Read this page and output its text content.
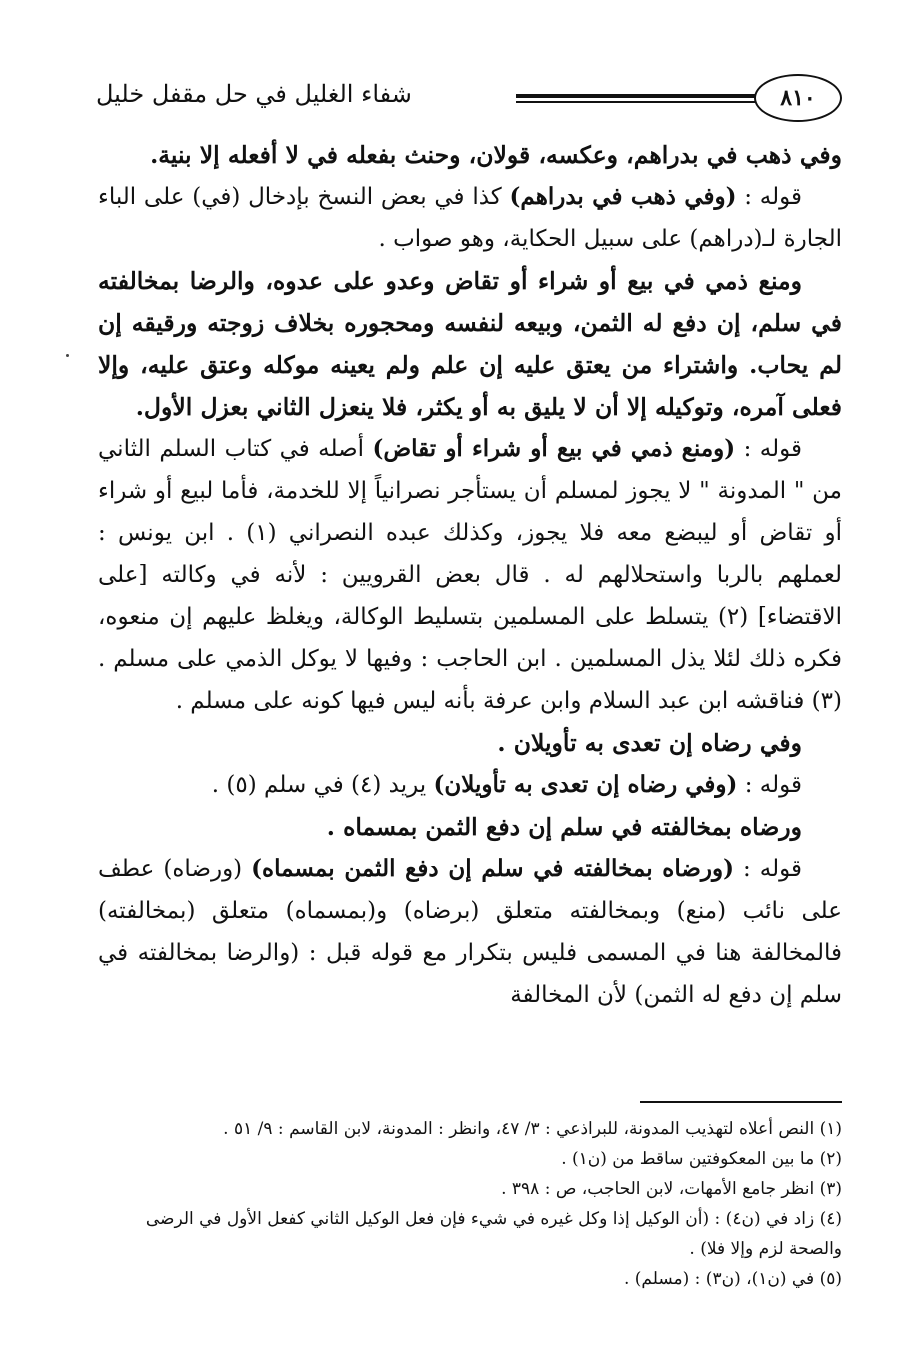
٨١٠
شفاء الغليل في حل مقفل خليل

وفي ذهب في بدراهم، وعكسه، قولان، وحنث بفعله في لا أفعله إلا بنية.

قوله : (وفي ذهب في بدراهم) كذا في بعض النسخ بإدخال (في) على الباء الجارة لـ(دراهم) على سبيل الحكاية، وهو صواب .

ومنع ذمي في بيع أو شراء أو تقاض وعدو على عدوه، والرضا بمخالفته في سلم، إن دفع له الثمن، وبيعه لنفسه ومحجوره بخلاف زوجته ورقيقه إن لم يحاب. واشتراء من يعتق عليه إن علم ولم يعينه موكله وعتق عليه، وإلا فعلى آمره، وتوكيله إلا أن لا يليق به أو يكثر، فلا ينعزل الثاني بعزل الأول.

قوله : (ومنع ذمي في بيع أو شراء أو تقاض) أصله في كتاب السلم الثاني من " المدونة " لا يجوز لمسلم أن يستأجر نصرانياً إلا للخدمة، فأما لبيع أو شراء أو تقاض أو ليبضع معه فلا يجوز، وكذلك عبده النصراني (١) . ابن يونس : لعملهم بالربا واستحلالهم له . قال بعض القرويين : لأنه في وكالته [على الاقتضاء] (٢) يتسلط على المسلمين بتسليط الوكالة، ويغلظ عليهم إن منعوه، فكره ذلك لئلا يذل المسلمين . ابن الحاجب : وفيها لا يوكل الذمي على مسلم . (٣) فناقشه ابن عبد السلام وابن عرفة بأنه ليس فيها كونه على مسلم .

وفي رضاه إن تعدى به تأويلان .

قوله : (وفي رضاه إن تعدى به تأويلان) يريد (٤) في سلم (٥) .

ورضاه بمخالفته في سلم إن دفع الثمن بمسماه .

قوله : (ورضاه بمخالفته في سلم إن دفع الثمن بمسماه) (ورضاه) عطف على نائب (منع) وبمخالفته متعلق (برضاه) و(بمسماه) متعلق (بمخالفته) فالمخالفة هنا في المسمى فليس بتكرار مع قوله قبل : (والرضا بمخالفته في سلم إن دفع له الثمن) لأن المخالفة

(١) النص أعلاه لتهذيب المدونة، للبراذعي : ٣/ ٤٧، وانظر : المدونة، لابن القاسم : ٩/ ٥١ .

(٢) ما بين المعكوفتين ساقط من (ن١) .

(٣) انظر جامع الأمهات، لابن الحاجب، ص : ٣٩٨ .

(٤) زاد في (ن٤) : (أن الوكيل إذا وكل غيره في شيء فإن فعل الوكيل الثاني كفعل الأول في الرضى والصحة لزم وإلا فلا) .

(٥) في (ن١)، (ن٣) : (مسلم) .
